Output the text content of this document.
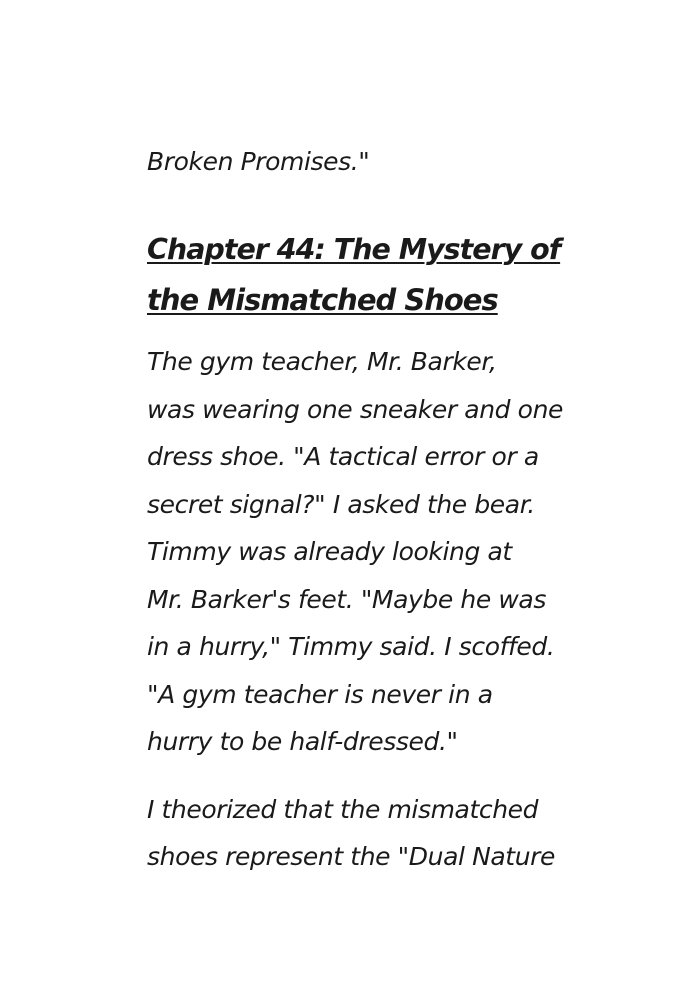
Broken Promises."
Chapter 44: The Mystery of
the Mismatched Shoes
The gym teacher, Mr. Barker,
was wearing one sneaker and one
dress shoe. "A tactical error or a
secret signal?" I asked the bear.
Timmy was already looking at
Mr. Barker's feet. "Maybe he was
in a hurry," Timmy said. I scoffed.
"A gym teacher is never in a
hurry to be half-dressed."
I theorized that the mismatched
shoes represent the "Dual Nature
